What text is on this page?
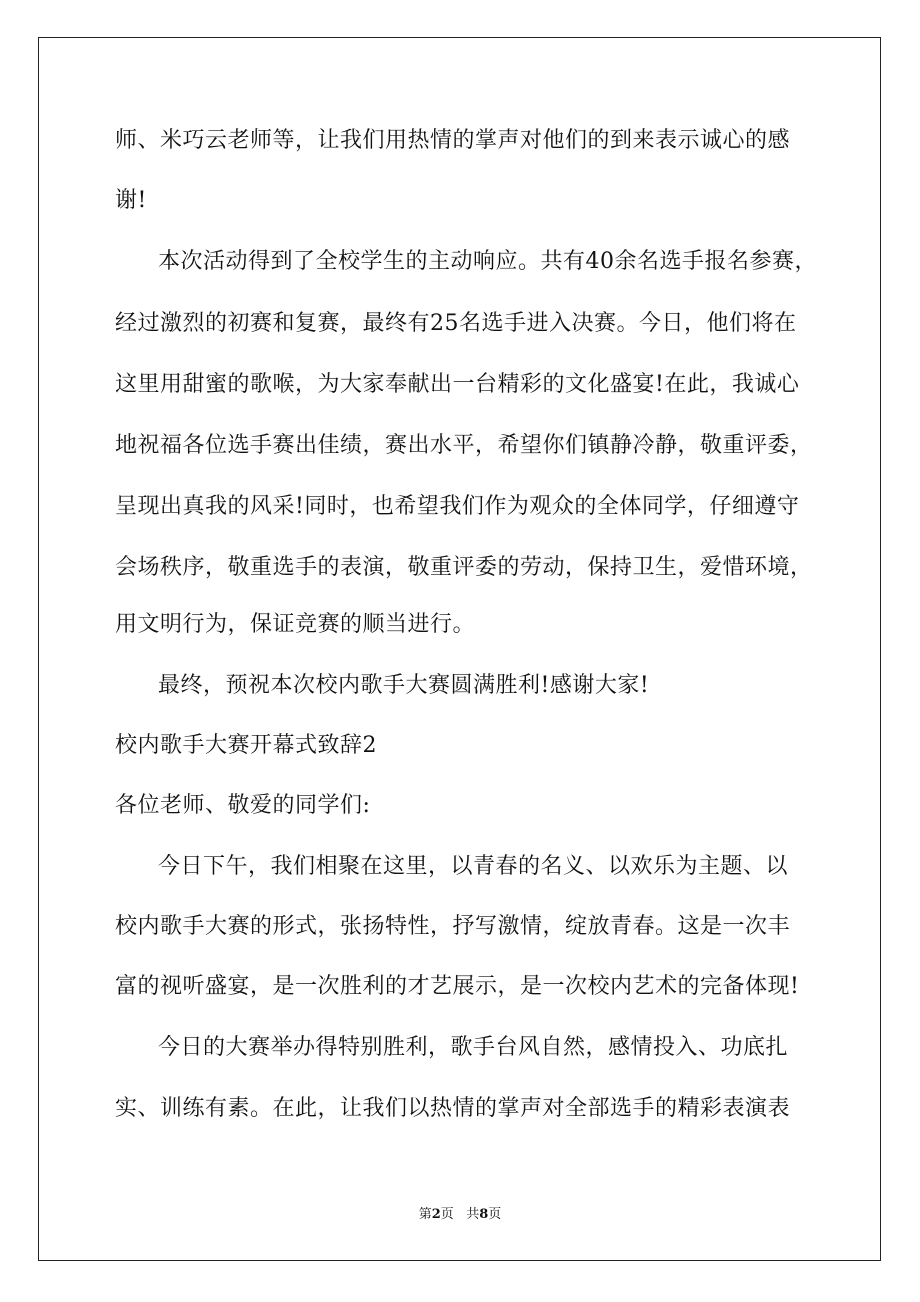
师、米巧云老师等，让我们用热情的掌声对他们的到来表示诚心的感
谢!
本次活动得到了全校学生的主动响应。共有40余名选手报名参赛，
经过激烈的初赛和复赛，最终有25名选手进入决赛。今日，他们将在
这里用甜蜜的歌喉，为大家奉献出一台精彩的文化盛宴!在此，我诚心
地祝福各位选手赛出佳绩，赛出水平，希望你们镇静冷静，敬重评委，
呈现出真我的风采!同时，也希望我们作为观众的全体同学，仔细遵守
会场秩序，敬重选手的表演，敬重评委的劳动，保持卫生，爱惜环境，
用文明行为，保证竞赛的顺当进行。
最终，预祝本次校内歌手大赛圆满胜利!感谢大家!
校内歌手大赛开幕式致辞2
各位老师、敬爱的同学们:
今日下午，我们相聚在这里，以青春的名义、以欢乐为主题、以
校内歌手大赛的形式，张扬特性，抒写激情，绽放青春。这是一次丰
富的视听盛宴，是一次胜利的才艺展示，是一次校内艺术的完备体现!
今日的大赛举办得特别胜利，歌手台风自然，感情投入、功底扎
实、训练有素。在此，让我们以热情的掌声对全部选手的精彩表演表
第2页 共8页
